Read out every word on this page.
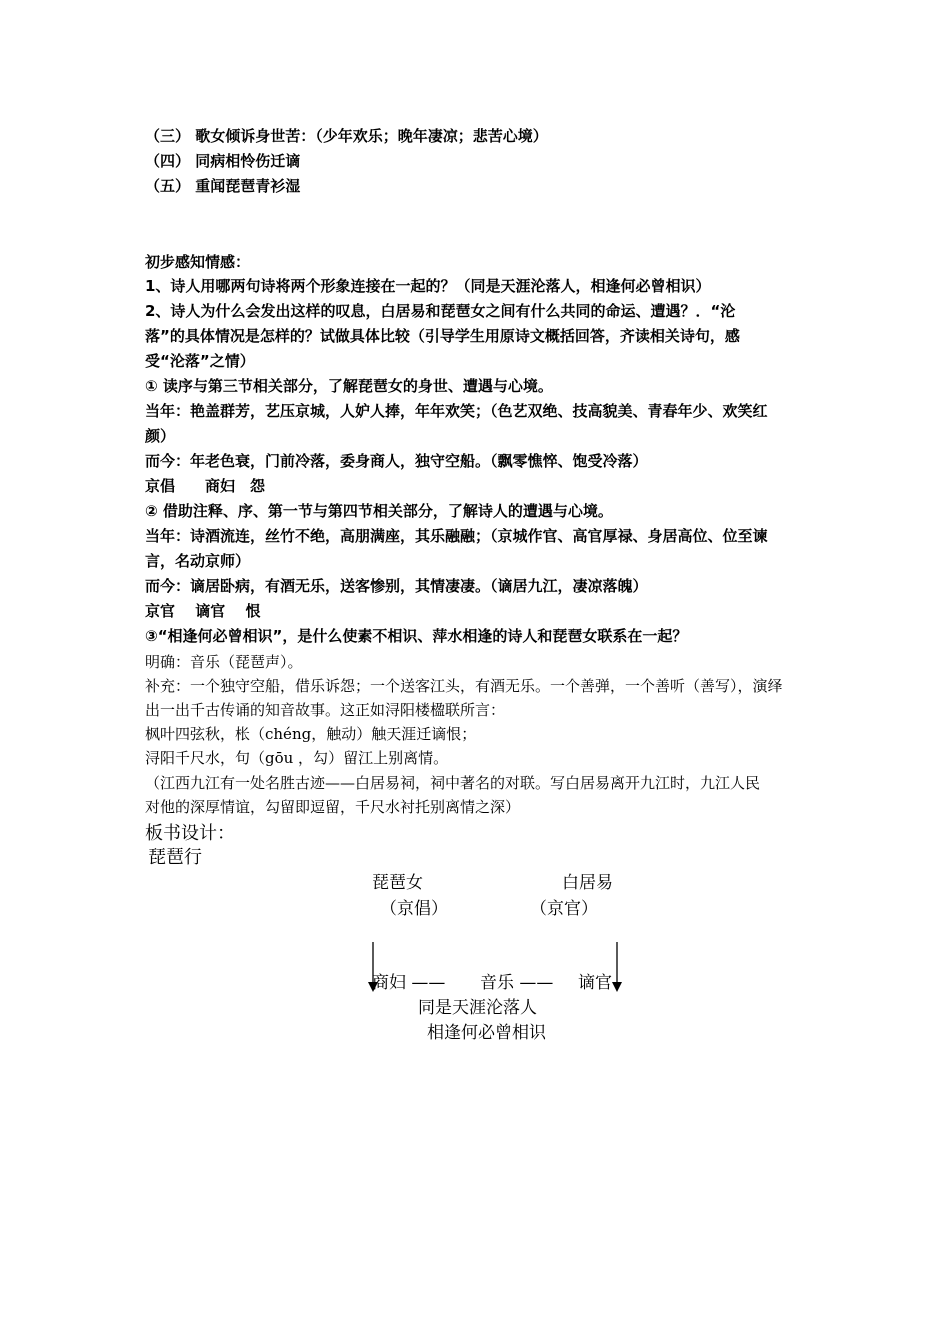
（三） 歌女倾诉身世苦：（少年欢乐；晚年凄凉；悲苦心境）
（四） 同病相怜伤迁谪
（五） 重闻琵琶青衫湿
初步感知情感：
1、诗人用哪两句诗将两个形象连接在一起的？（同是天涯沦落人，相逢何必曾相识）
2、诗人为什么会发出这样的叹息，白居易和琵琶女之间有什么共同的命运、遭遇？．“沦
落”的具体情况是怎样的？试做具体比较（引导学生用原诗文概括回答，齐读相关诗句，感
受“沦落”之情）
① 读序与第三节相关部分，了解琵琶女的身世、遭遇与心境。
当年：艳盖群芳，艺压京城，人妒人捧，年年欢笑；（色艺双绝、技高貌美、青春年少、欢笑红
颜）
而今：年老色衰，门前冷落，委身商人，独守空船。（飘零憔悴、饱受冷落）
京倡　　商妇　怨
② 借助注释、序、第一节与第四节相关部分，了解诗人的遭遇与心境。
当年：诗酒流连，丝竹不绝，高朋满座，其乐融融；（京城作官、高官厚禄、身居高位、位至谏
言，名动京师）
而今：谪居卧病，有酒无乐，送客惨别，其情凄凄。（谪居九江，凄凉落魄）
京官　 谪官　 恨
③“相逢何必曾相识”，是什么使素不相识、萍水相逢的诗人和琵琶女联系在一起？
明确：音乐（琵琶声）。
补充：一个独守空船，借乐诉怨；一个送客江头，有酒无乐。一个善弹，一个善听（善写），演绎
出一出千古传诵的知音故事。这正如浔阳楼楹联所言：
枫叶四弦秋，枨（chéng，触动）触天涯迁谪恨；
浔阳千尺水，句（gōu ，勾）留江上别离情。
（江西九江有一处名胜古迹——白居易祠，祠中著名的对联。写白居易离开九江时，九江人民
对他的深厚情谊，勾留即逗留，千尺水衬托别离情之深）
板书设计：
琵琶行
琵琶女	白居易
（京倡）	（京官）
商妇 —— 音乐 —— 谪官
同是天涯沦落人
相逢何必曾相识
